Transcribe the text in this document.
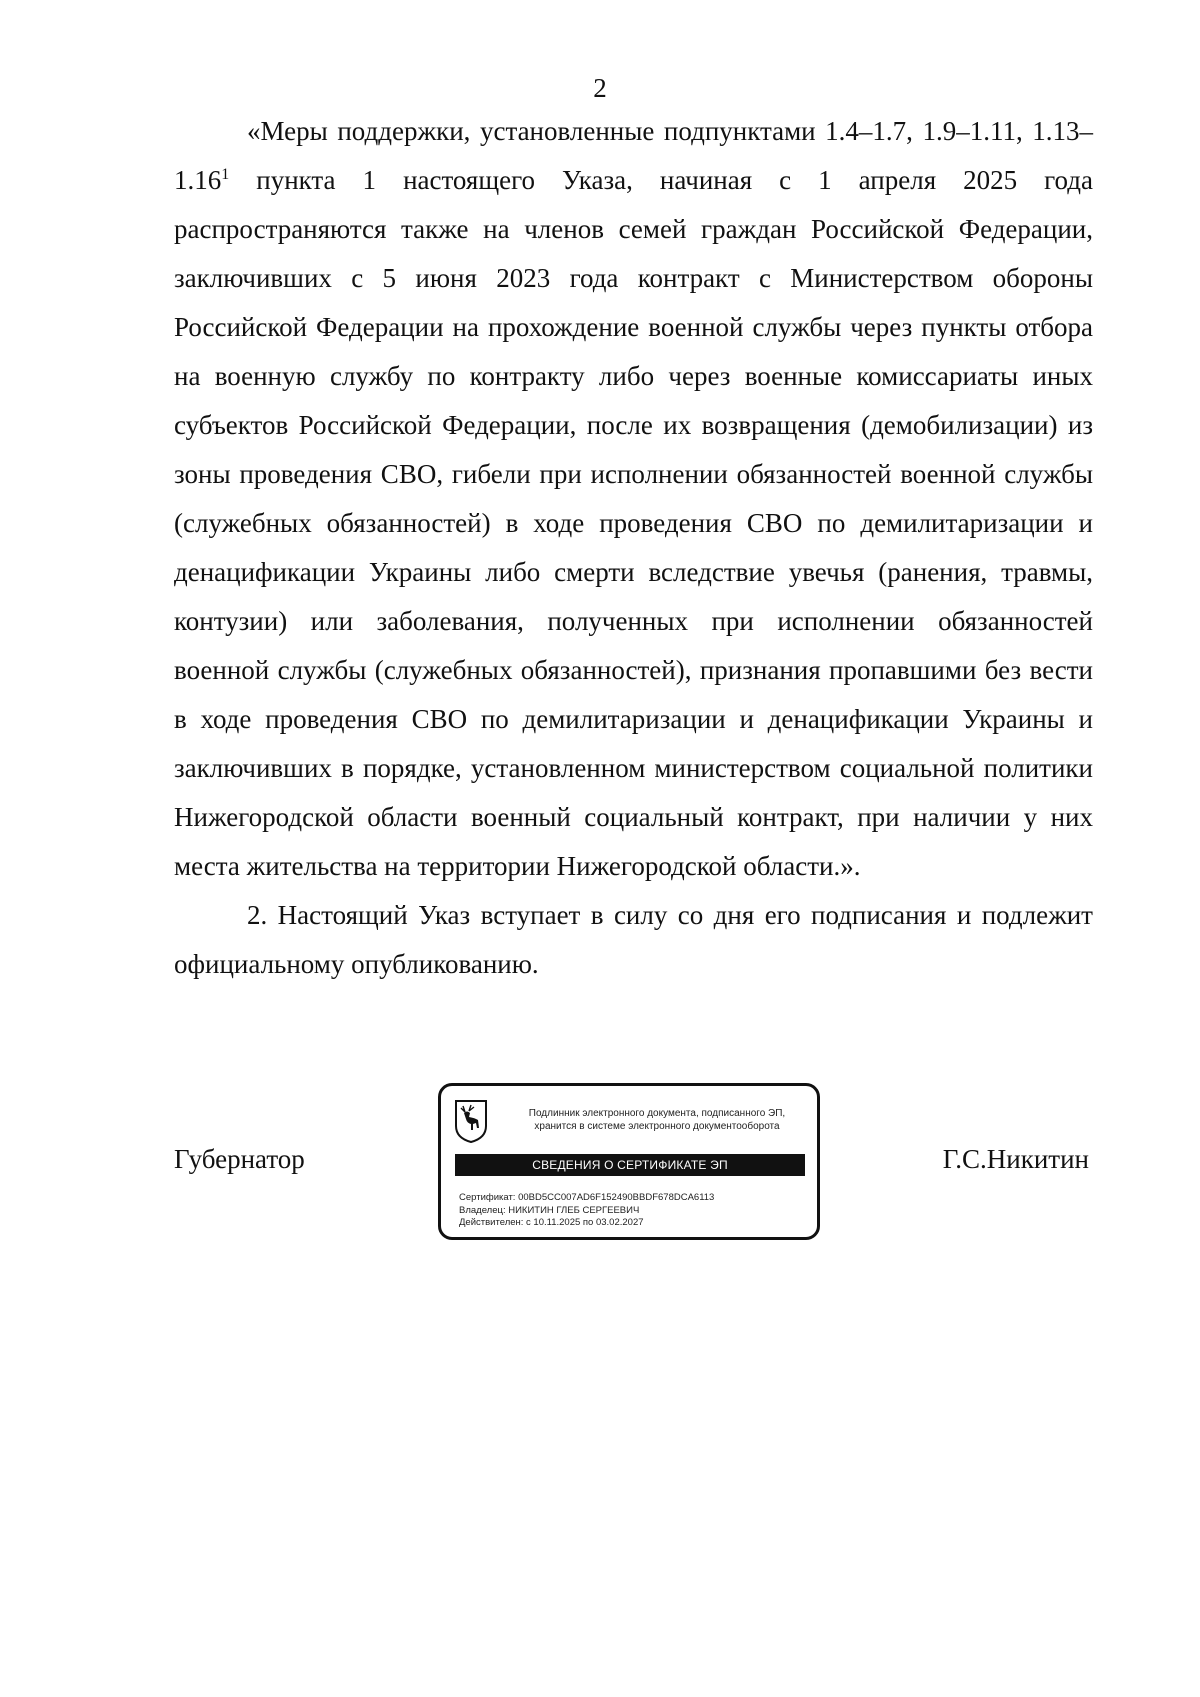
2

«Меры поддержки, установленные подпунктами 1.4–1.7, 1.9–1.11, 1.13–1.16$^1$ пункта 1 настоящего Указа, начиная с 1 апреля 2025 года распространяются также на членов семей граждан Российской Федерации, заключивших с 5 июня 2023 года контракт с Министерством обороны Российской Федерации на прохождение военной службы через пункты отбора на военную службу по контракту либо через военные комиссариаты иных субъектов Российской Федерации, после их возвращения (демобилизации) из зоны проведения СВО, гибели при исполнении обязанностей военной службы (служебных обязанностей) в ходе проведения СВО по демилитаризации и денацификации Украины либо смерти вследствие увечья (ранения, травмы, контузии) или заболевания, полученных при исполнении обязанностей военной службы (служебных обязанностей), признания пропавшими без вести в ходе проведения СВО по демилитаризации и денацификации Украины и заключивших в порядке, установленном министерством социальной политики Нижегородской области военный социальный контракт, при наличии у них места жительства на территории Нижегородской области.».

2. Настоящий Указ вступает в силу со дня его подписания и подлежит официальному опубликованию.

Губернатор	Г.С.Никитин
Подлинник электронного документа, подписанного ЭП,
хранится в системе электронного документооборота
СВЕДЕНИЯ О СЕРТИФИКАТЕ ЭП
Сертификат: 00BD5CC007AD6F152490BBDF678DCA6113
Владелец: НИКИТИН ГЛЕБ СЕРГЕЕВИЧ
Действителен: с 10.11.2025 по 03.02.2027
